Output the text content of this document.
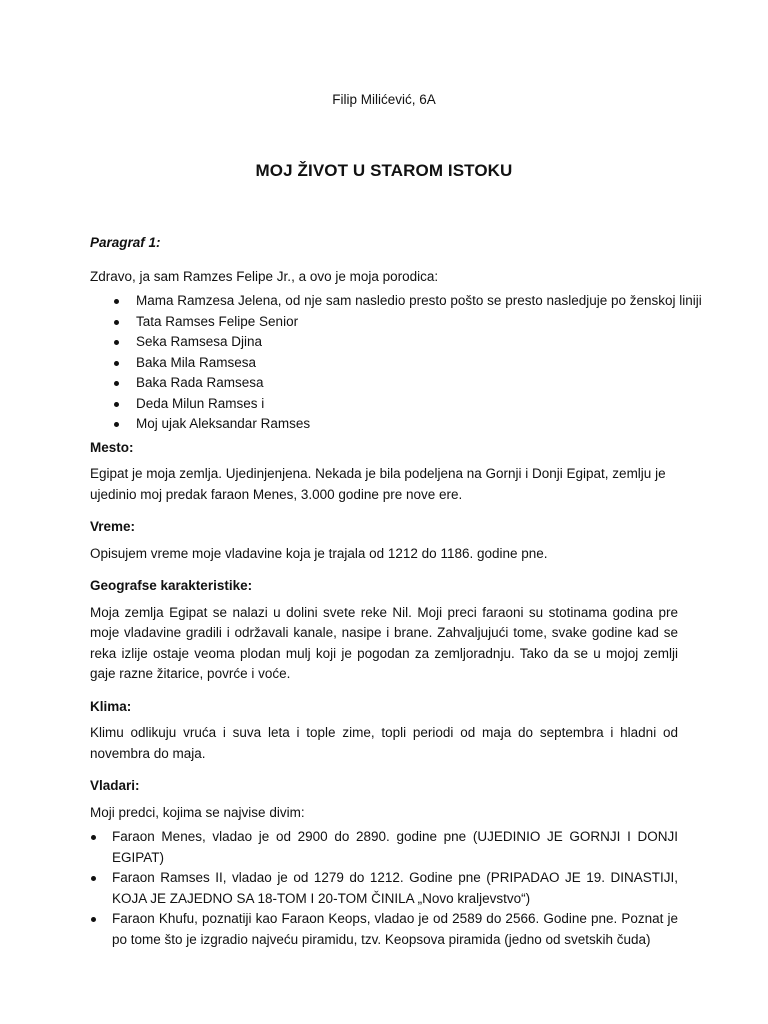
Filip Milićević, 6A
MOJ ŽIVOT U STAROM ISTOKU

Paragraf 1:

Zdravo, ja sam Ramzes Felipe Jr., a ovo je moja porodica:

Mama Ramzesa Jelena, od nje sam nasledio presto pošto se presto nasledjuje po ženskoj liniji
Tata Ramses Felipe Senior
Seka Ramsesa Djina
Baka Mila Ramsesa
Baka Rada Ramsesa
Deda Milun Ramses i
Moj ujak Aleksandar Ramses

Mesto:

Egipat je moja zemlja. Ujedinjenjena. Nekada je bila podeljena na Gornji i Donji Egipat, zemlju je ujedinio moj predak faraon Menes, 3.000 godine pre nove ere.

Vreme:

Opisujem vreme moje vladavine koja je trajala od 1212 do 1186. godine pne.

Geografse karakteristike:

Moja zemlja Egipat se nalazi u dolini svete reke Nil. Moji preci faraoni su stotinama godina pre moje vladavine gradili i održavali kanale, nasipe i brane. Zahvaljujući tome, svake godine kad se reka izlije ostaje veoma plodan mulj koji je pogodan za zemljoradnju. Tako da se u mojoj zemlji gaje razne žitarice, povrće i voće.

Klima:

Klimu odlikuju vruća i suva leta i tople zime, topli periodi od maja do septembra i hladni od novembra do maja.

Vladari:

Moji predci, kojima se najvise divim:

Faraon Menes, vladao je od 2900 do 2890. godine pne (UJEDINIO JE GORNJI I DONJI EGIPAT)
Faraon Ramses II, vladao je od 1279 do 1212. Godine pne (PRIPADAO JE 19. DINASTIJI, KOJA JE ZAJEDNO SA 18-TOM I 20-TOM ČINILA „Novo kraljevstvo“)
Faraon Khufu, poznatiji kao Faraon Keops, vladao je od 2589 do 2566. Godine pne. Poznat je po tome što je izgradio najveću piramidu, tzv. Keopsova piramida (jedno od svetskih čuda)
